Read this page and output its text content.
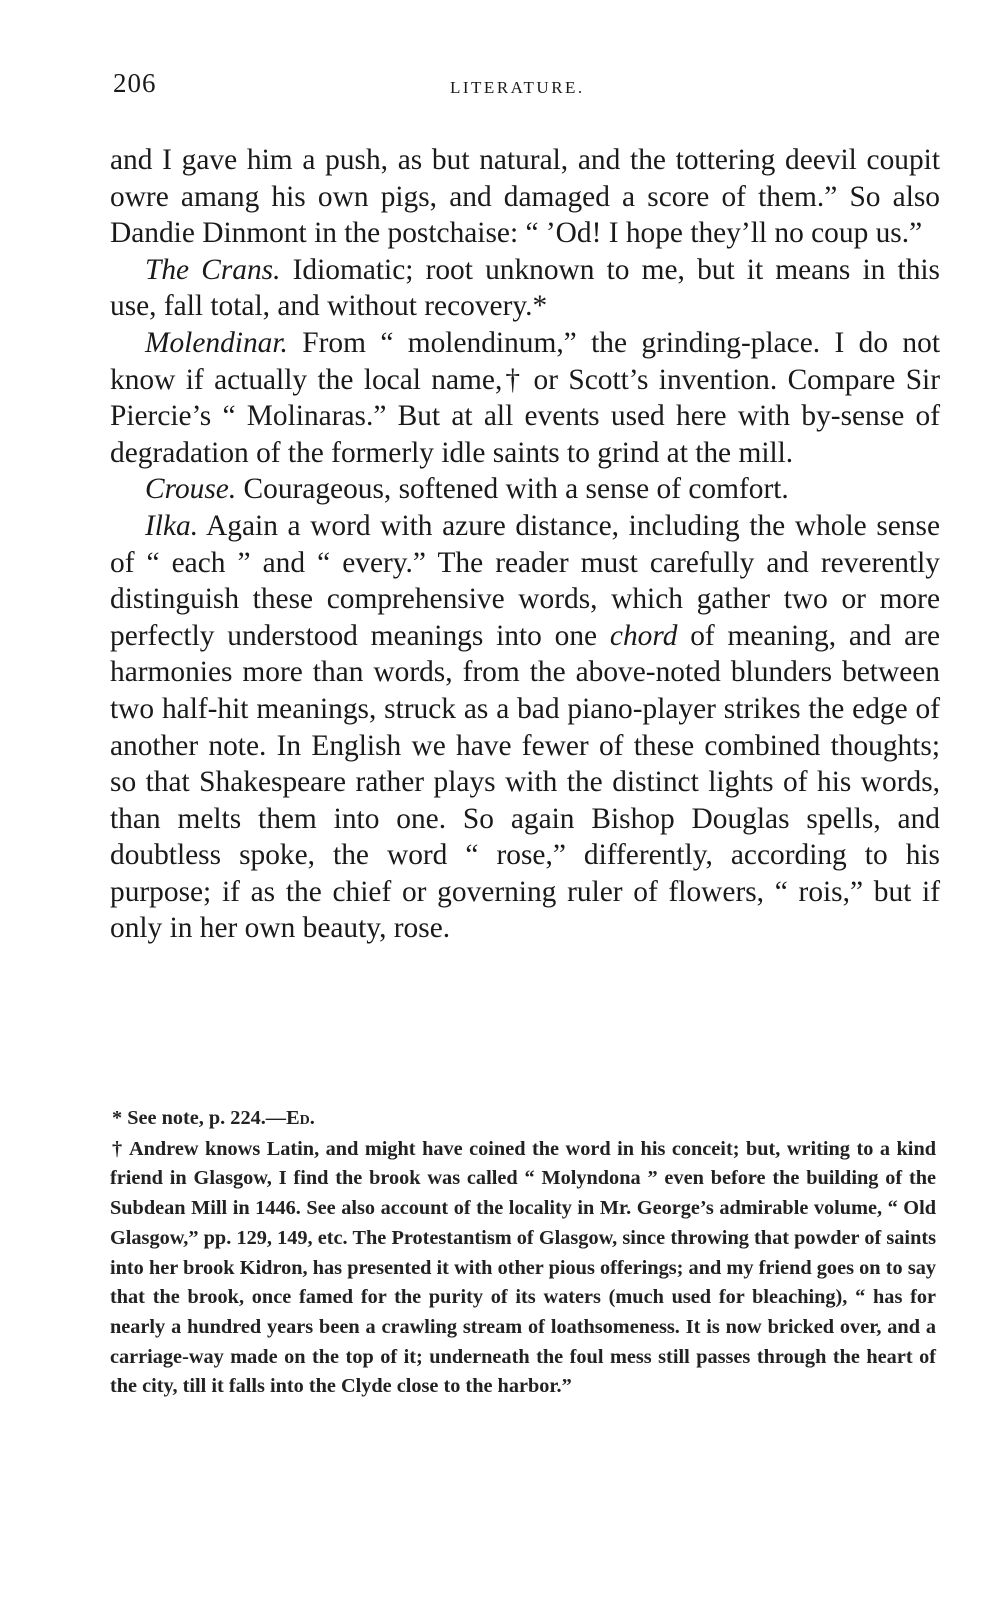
206	LITERATURE.

and I gave him a push, as but natural, and the tottering deevil coupit owre amang his own pigs, and damaged a score of them.” So also Dandie Dinmont in the postchaise: “ ’Od! I hope they’ll no coup us.”

The Crans. Idiomatic; root unknown to me, but it means in this use, fall total, and without recovery.*

Molendinar. From “ molendinum,” the grinding-place. I do not know if actually the local name,† or Scott’s invention. Compare Sir Piercie’s “ Molinaras.” But at all events used here with by-sense of degradation of the formerly idle saints to grind at the mill.

Crouse. Courageous, softened with a sense of comfort.

Ilka. Again a word with azure distance, including the whole sense of “ each ” and “ every.” The reader must carefully and reverently distinguish these comprehensive words, which gather two or more perfectly understood meanings into one chord of meaning, and are harmonies more than words, from the above-noted blunders between two half-hit meanings, struck as a bad piano-player strikes the edge of another note. In English we have fewer of these combined thoughts; so that Shakespeare rather plays with the distinct lights of his words, than melts them into one. So again Bishop Douglas spells, and doubtless spoke, the word “ rose,” differently, according to his purpose; if as the chief or governing ruler of flowers, “ rois,” but if only in her own beauty, rose.

* See note, p. 224.—Ed.

† Andrew knows Latin, and might have coined the word in his conceit; but, writing to a kind friend in Glasgow, I find the brook was called “ Molyndona ” even before the building of the Subdean Mill in 1446. See also account of the locality in Mr. George’s admirable volume, “ Old Glasgow,” pp. 129, 149, etc. The Protestantism of Glasgow, since throwing that powder of saints into her brook Kidron, has presented it with other pious offerings; and my friend goes on to say that the brook, once famed for the purity of its waters (much used for bleaching), “ has for nearly a hundred years been a crawling stream of loathsomeness. It is now bricked over, and a carriage-way made on the top of it; underneath the foul mess still passes through the heart of the city, till it falls into the Clyde close to the harbor.”
